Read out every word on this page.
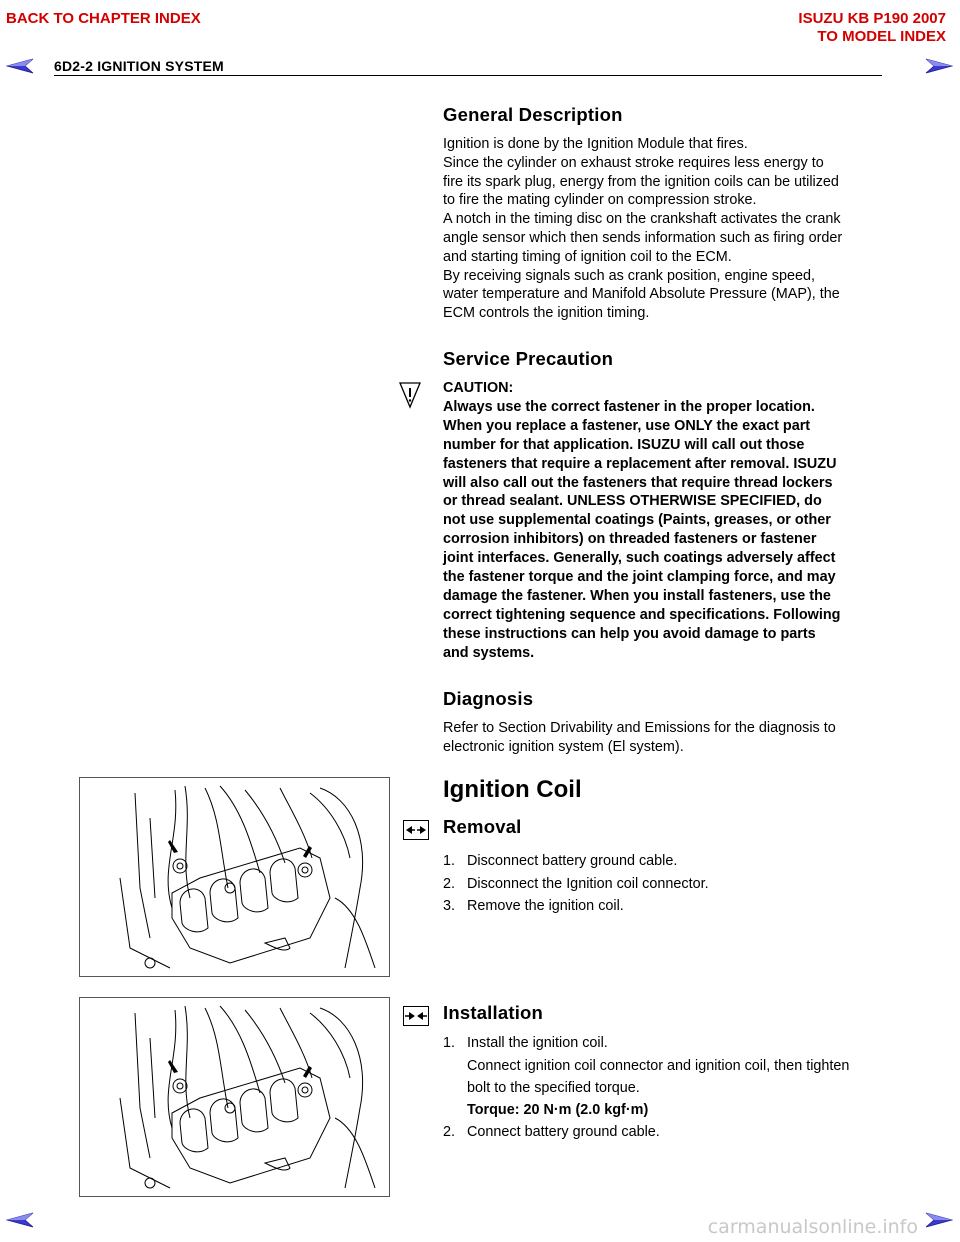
BACK TO CHAPTER INDEX	ISUZU KB P190 2007
TO MODEL INDEX
6D2-2 IGNITION SYSTEM
General Description
Ignition is done by the Ignition Module that fires.
Since the cylinder on exhaust stroke requires less energy to
fire its spark plug, energy from the ignition coils can be utilized
to fire the mating cylinder on compression stroke.
A notch in the timing disc on the crankshaft activates the crank
angle sensor which then sends information such as firing order
and starting timing of ignition coil to the ECM.
By receiving signals such as crank position, engine speed,
water temperature and Manifold Absolute Pressure (MAP), the
ECM controls the ignition timing.
Service Precaution
CAUTION:
Always use the correct fastener in the proper location.
When you replace a fastener, use ONLY the exact part
number for that application. ISUZU will call out those
fasteners that require a replacement after removal. ISUZU
will also call out the fasteners that require thread lockers
or thread sealant. UNLESS OTHERWISE SPECIFIED, do
not use supplemental coatings (Paints, greases, or other
corrosion inhibitors) on threaded fasteners or fastener
joint interfaces. Generally, such coatings adversely affect
the fastener torque and the joint clamping force, and may
damage the fastener. When you install fasteners, use the
correct tightening sequence and specifications. Following
these instructions can help you avoid damage to parts
and systems.
Diagnosis
Refer to Section Drivability and Emissions for the diagnosis to
electronic ignition system (El system).
Ignition Coil
Removal
1. Disconnect battery ground cable.
2. Disconnect the Ignition coil connector.
3. Remove the ignition coil.
Installation
1. Install the ignition coil.
Connect ignition coil connector and ignition coil, then tighten
bolt to the specified torque.
Torque: 20 N·m (2.0 kgf·m)
2. Connect battery ground cable.
carmanualsonline.info
